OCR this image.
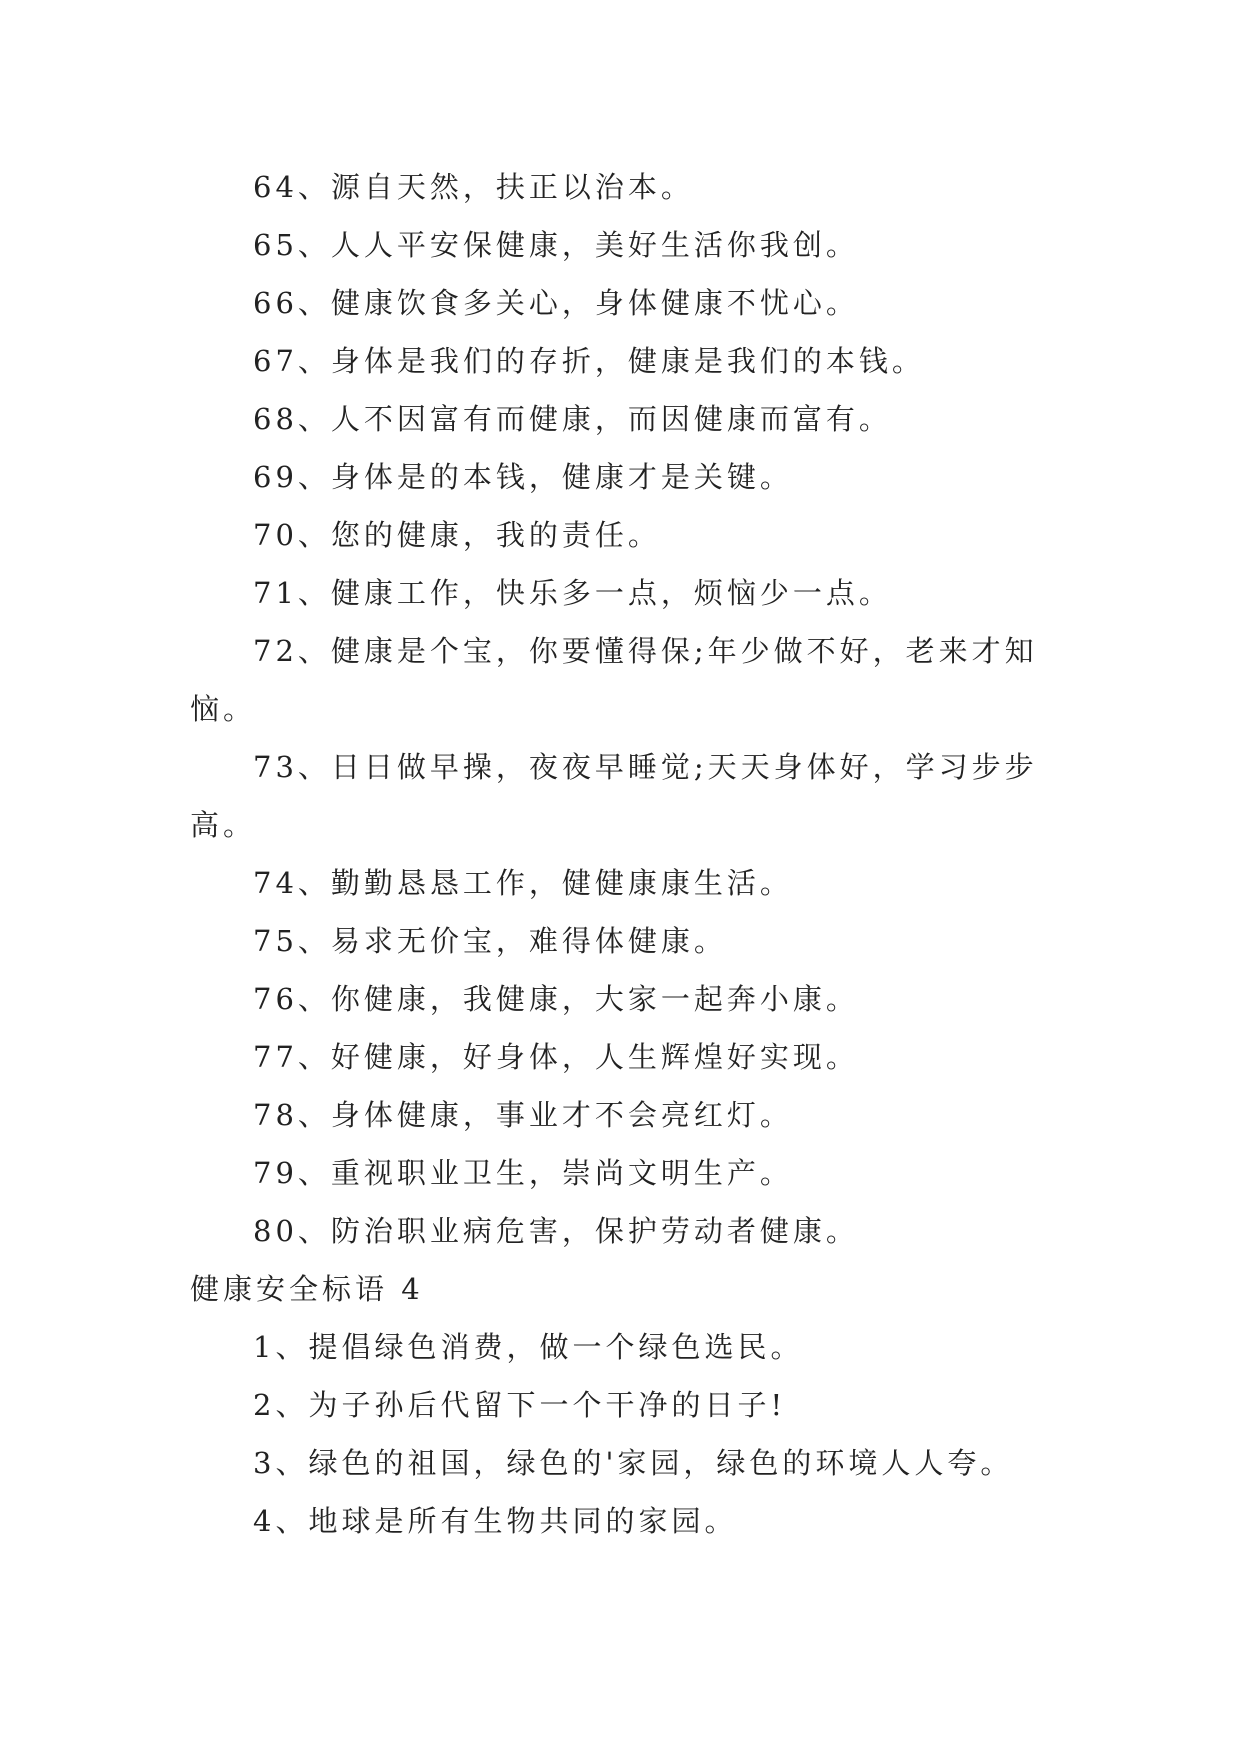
64、源自天然，扶正以治本。

65、人人平安保健康，美好生活你我创。

66、健康饮食多关心，身体健康不忧心。

67、身体是我们的存折，健康是我们的本钱。

68、人不因富有而健康，而因健康而富有。

69、身体是的本钱，健康才是关键。

70、您的健康，我的责任。

71、健康工作，快乐多一点，烦恼少一点。

72、健康是个宝，你要懂得保;年少做不好，老来才知

恼。

73、日日做早操，夜夜早睡觉;天天身体好，学习步步

高。

74、勤勤恳恳工作，健健康康生活。

75、易求无价宝，难得体健康。

76、你健康，我健康，大家一起奔小康。

77、好健康，好身体，人生辉煌好实现。

78、身体健康，事业才不会亮红灯。

79、重视职业卫生，崇尚文明生产。

80、防治职业病危害，保护劳动者健康。

健康安全标语 4

1、提倡绿色消费，做一个绿色选民。

2、为子孙后代留下一个干净的日子!

3、绿色的祖国，绿色的'家园，绿色的环境人人夸。

4、地球是所有生物共同的家园。
